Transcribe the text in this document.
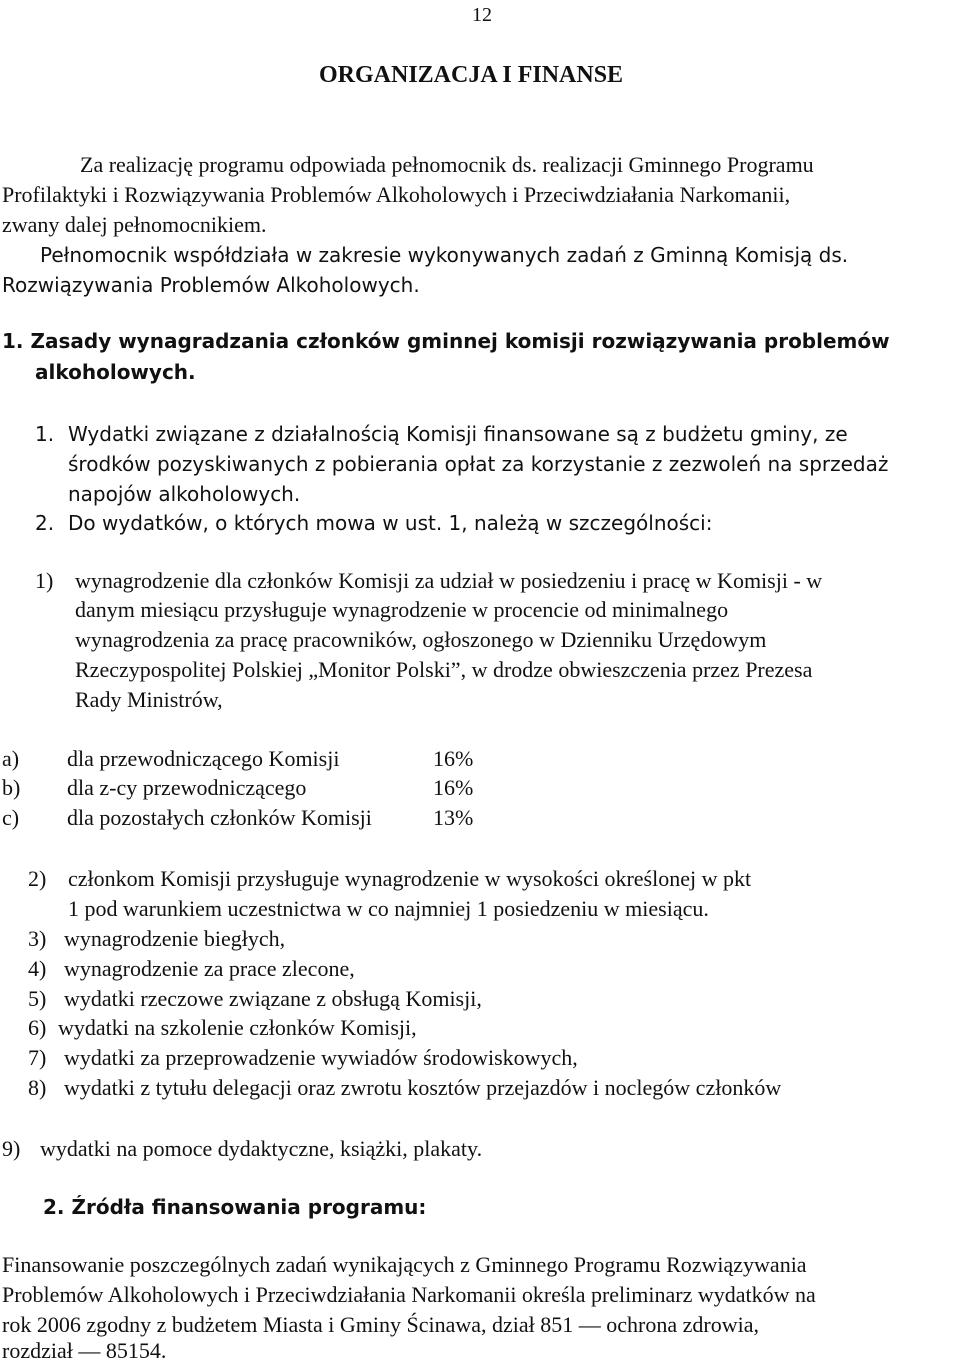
12
ORGANIZACJA I FINANSE
Za realizację programu odpowiada pełnomocnik ds. realizacji Gminnego Programu
Profilaktyki i Rozwiązywania Problemów Alkoholowych i Przeciwdziałania Narkomanii,
zwany dalej pełnomocnikiem.
Pełnomocnik współdziała w zakresie wykonywanych zadań z Gminną Komisją ds.
Rozwiązywania Problemów Alkoholowych.
1. Zasady wynagradzania członków gminnej komisji rozwiązywania problemów
alkoholowych.
1. Wydatki związane z działalnością Komisji finansowane są z budżetu gminy, ze
środków pozyskiwanych z pobierania opłat za korzystanie z zezwoleń na sprzedaż
napojów alkoholowych.
2. Do wydatków, o których mowa w ust. 1, należą w szczególności:
1) wynagrodzenie dla członków Komisji za udział w posiedzeniu i pracę w Komisji - w
danym miesiącu przysługuje wynagrodzenie w procencie od minimalnego
wynagrodzenia za pracę pracowników, ogłoszonego w Dzienniku Urzędowym
Rzeczypospolitej Polskiej „Monitor Polski”, w drodze obwieszczenia przez Prezesa
Rady Ministrów,
a) dla przewodniczącego Komisji	16%
b) dla z-cy przewodniczącego	16%
c) dla pozostałych członków Komisji	13%
2) członkom Komisji przysługuje wynagrodzenie w wysokości określonej w pkt
1 pod warunkiem uczestnictwa w co najmniej 1 posiedzeniu w miesiącu.
3) wynagrodzenie biegłych,
4) wynagrodzenie za prace zlecone,
5) wydatki rzeczowe związane z obsługą Komisji,
6) wydatki na szkolenie członków Komisji,
7) wydatki za przeprowadzenie wywiadów środowiskowych,
8) wydatki z tytułu delegacji oraz zwrotu kosztów przejazdów i noclegów członków
9) wydatki na pomoce dydaktyczne, książki, plakaty.
2. Źródła finansowania programu:
Finansowanie poszczególnych zadań wynikających z Gminnego Programu Rozwiązywania
Problemów Alkoholowych i Przeciwdziałania Narkomanii określa preliminarz wydatków na
rok 2006 zgodny z budżetem Miasta i Gminy Ścinawa, dział 851 — ochrona zdrowia,
rozdział — 85154.
